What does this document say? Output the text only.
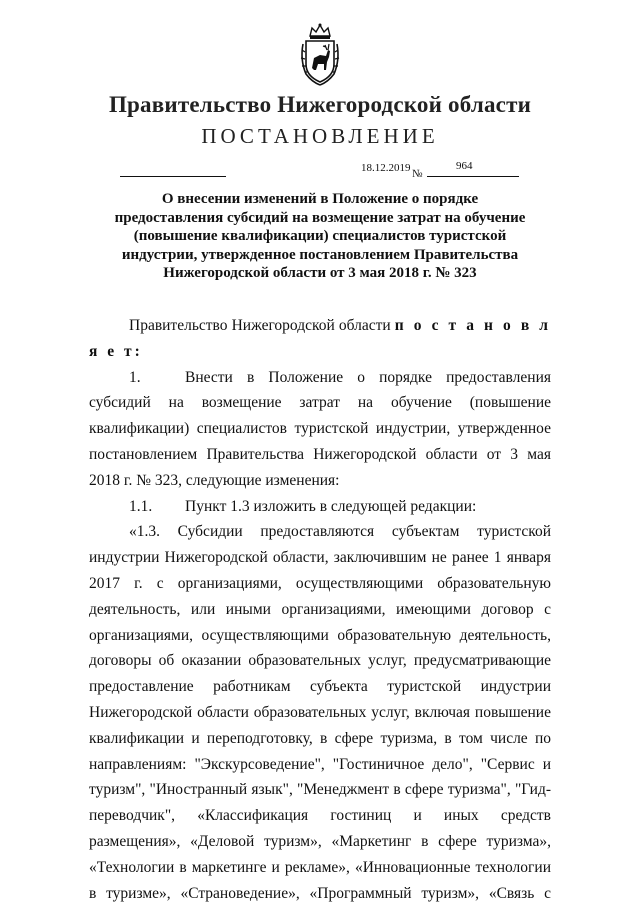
Правительство Нижегородской области
ПОСТАНОВЛЕНИЕ
18.12.2019 №
964
О внесении изменений в Положение о порядке
предоставления субсидий на возмещение затрат на обучение
(повышение квалификации) специалистов туристской
индустрии, утвержденное постановлением Правительства
Нижегородской области от 3 мая 2018 г. № 323

Правительство Нижегородской области п о с т а н о в л я е т:

1.	Внести в Положение о порядке предоставления субсидий на возмещение затрат на обучение (повышение квалификации) специалистов туристской индустрии, утвержденное постановлением Правительства Нижегородской области от 3 мая 2018 г. № 323, следующие изменения:

1.1. Пункт 1.3 изложить в следующей редакции:

«1.3. Субсидии предоставляются субъектам туристской индустрии Нижегородской области, заключившим не ранее 1 января 2017 г. с организациями, осуществляющими образовательную деятельность, или иными организациями, имеющими договор с организациями, осуществляющими образовательную деятельность, договоры об оказании образовательных услуг, предусматривающие предоставление работникам субъекта туристской индустрии Нижегородской области образовательных услуг, включая повышение квалификации и переподготовку, в сфере туризма, в том числе по направлениям: "Экскурсоведение", "Гостиничное дело", "Сервис и туризм", "Иностранный язык", "Менеджмент в сфере туризма", "Гид-переводчик", «Классификация гостиниц и иных средств размещения», «Деловой туризм», «Маркетинг в сфере туризма», «Технологии в маркетинге и рекламе», «Инновационные технологии в туризме», «Страноведение», «Программный туризм», «Связь с
